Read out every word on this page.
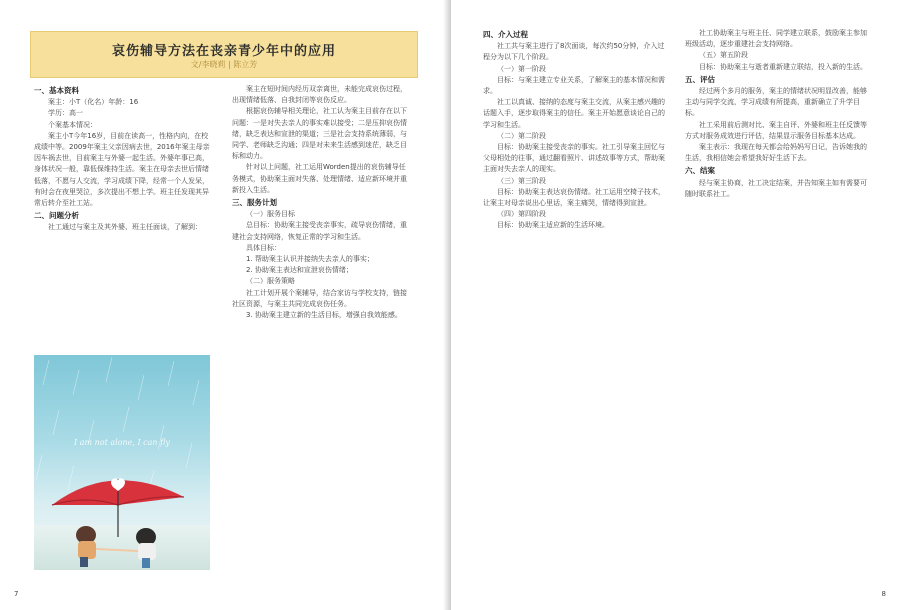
哀伤辅导方法在丧亲青少年中的应用
文/李晓莉 | 陈立芳
一、基本资料

案主：小T（化名）年龄：16

学历：高一

个案基本情况：

案主小T今年16岁，目前在读高一，性格内向，在校成绩中等。2009年案主父亲因病去世，2016年案主母亲因车祸去世，目前案主与外婆一起生活。外婆年事已高，身体状况一般，靠低保维持生活。案主在母亲去世后情绪低落，不愿与人交流，学习成绩下降，经常一个人发呆，有时会在夜里哭泣，多次提出不想上学。班主任发现其异常后转介至社工站。

二、问题分析

社工通过与案主及其外婆、班主任面谈，了解到：

I am not alone, I can fly

案主在短时间内经历双亲离世，未能完成哀伤过程，出现情绪低落、自我封闭等哀伤反应。

根据哀伤辅导相关理论，社工认为案主目前存在以下问题：一是对失去亲人的事实难以接受；二是压抑哀伤情绪，缺乏表达和宣泄的渠道；三是社会支持系统薄弱，与同学、老师缺乏沟通；四是对未来生活感到迷茫，缺乏目标和动力。

针对以上问题，社工运用Worden提出的哀伤辅导任务模式，协助案主面对失落、处理情绪、适应新环境并重新投入生活。

三、服务计划

（一）服务目标

总目标：协助案主接受丧亲事实，疏导哀伤情绪，重建社会支持网络，恢复正常的学习和生活。

具体目标：

1. 帮助案主认识并接纳失去亲人的事实；

2. 协助案主表达和宣泄哀伤情绪；

（二）服务策略

社工计划开展个案辅导，结合家访与学校支持，链接社区资源，与案主共同完成哀伤任务。

3. 协助案主建立新的生活目标，增强自我效能感。

7
四、介入过程

社工共与案主进行了8次面谈，每次约50分钟，介入过程分为以下几个阶段。

（一）第一阶段

目标：与案主建立专业关系，了解案主的基本情况和需求。

社工以真诚、接纳的态度与案主交流，从案主感兴趣的话题入手，逐步取得案主的信任。案主开始愿意谈论自己的学习和生活。

（二）第二阶段

目标：协助案主接受丧亲的事实。社工引导案主回忆与父母相处的往事，通过翻看照片、讲述故事等方式，帮助案主面对失去亲人的现实。

（三）第三阶段

目标：协助案主表达哀伤情绪。社工运用空椅子技术，让案主对母亲说出心里话，案主痛哭，情绪得到宣泄。

（四）第四阶段

目标：协助案主适应新的生活环境。

社工协助案主与班主任、同学建立联系，鼓励案主参加班级活动，逐步重建社会支持网络。

（五）第五阶段

目标：协助案主与逝者重新建立联结，投入新的生活。

五、评估

经过两个多月的服务，案主的情绪状况明显改善，能够主动与同学交流，学习成绩有所提高，重新确立了升学目标。

社工采用前后测对比、案主自评、外婆和班主任反馈等方式对服务成效进行评估，结果显示服务目标基本达成。

案主表示：我现在每天都会给妈妈写日记，告诉她我的生活，我相信她会希望我好好生活下去。

六、结案

经与案主协商，社工决定结案，并告知案主如有需要可随时联系社工。

8
